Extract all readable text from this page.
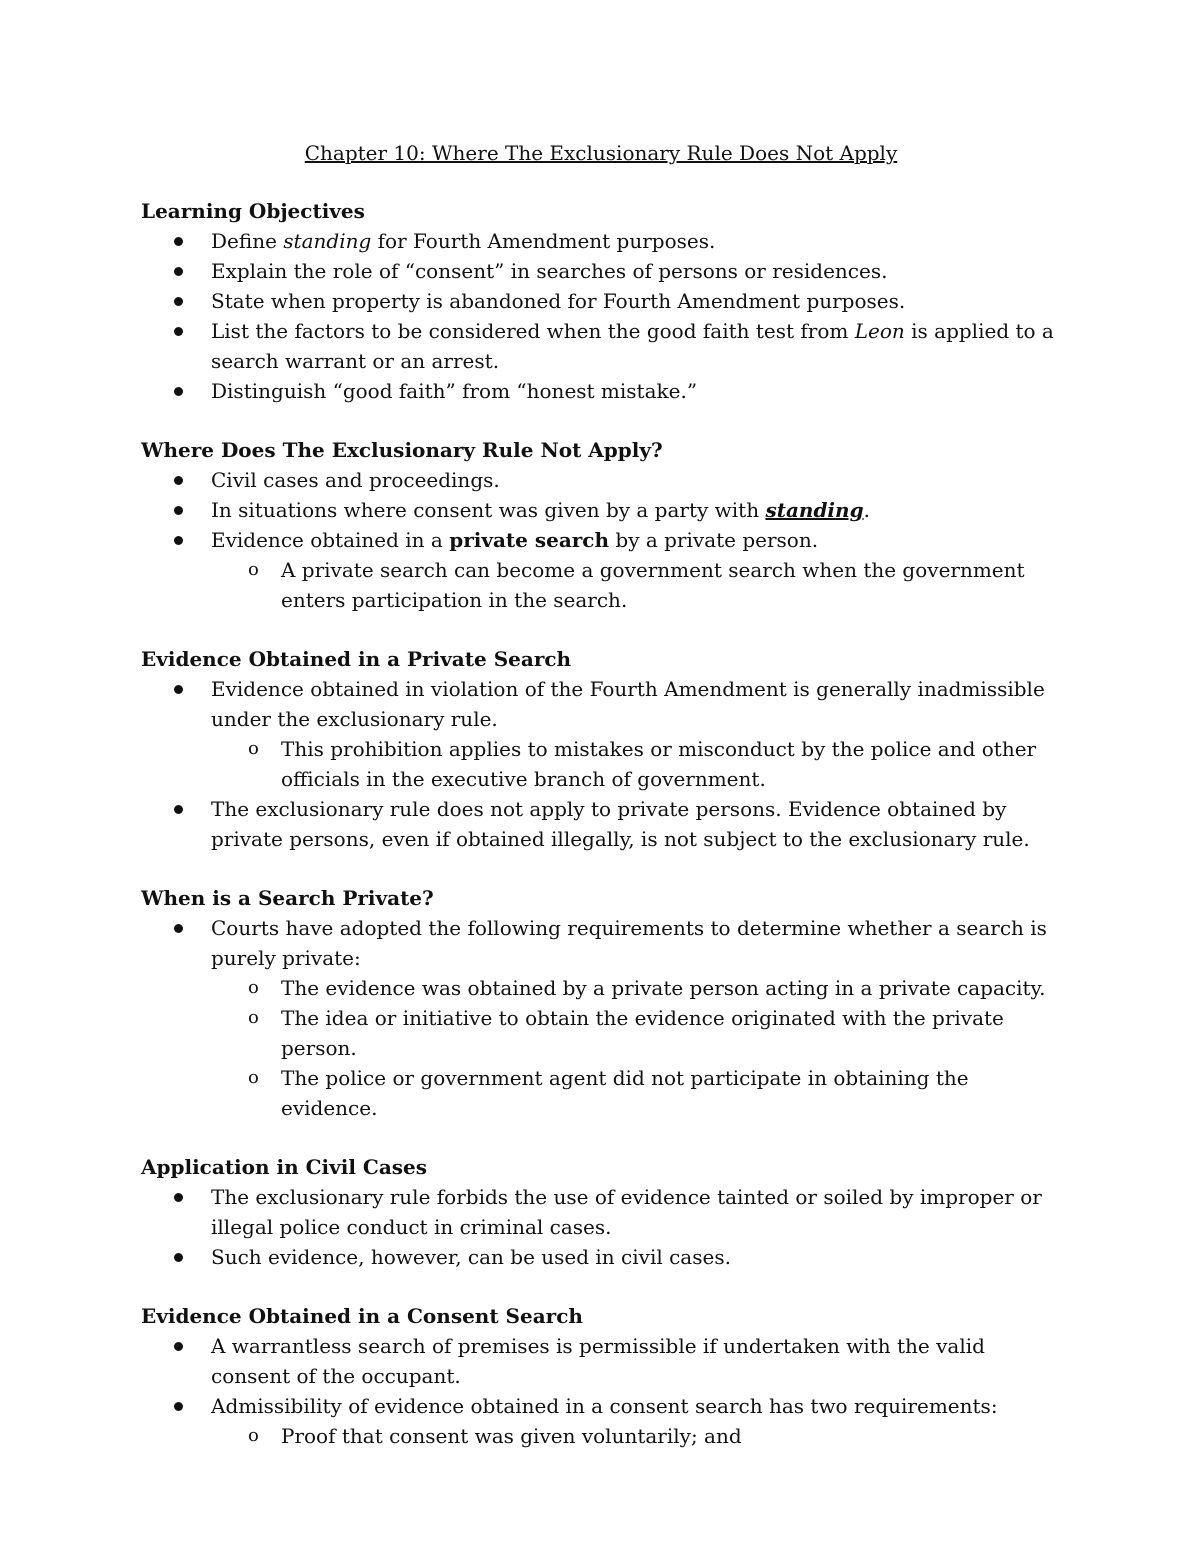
Chapter 10: Where The Exclusionary Rule Does Not Apply
Learning Objectives
Define standing for Fourth Amendment purposes.
Explain the role of “consent” in searches of persons or residences.
State when property is abandoned for Fourth Amendment purposes.
List the factors to be considered when the good faith test from Leon is applied to a search warrant or an arrest.
Distinguish “good faith” from “honest mistake.”
Where Does The Exclusionary Rule Not Apply?
Civil cases and proceedings.
In situations where consent was given by a party with standing.
Evidence obtained in a private search by a private person.
o A private search can become a government search when the government enters participation in the search.
Evidence Obtained in a Private Search
Evidence obtained in violation of the Fourth Amendment is generally inadmissible under the exclusionary rule.
o This prohibition applies to mistakes or misconduct by the police and other officials in the executive branch of government.
The exclusionary rule does not apply to private persons. Evidence obtained by private persons, even if obtained illegally, is not subject to the exclusionary rule.
When is a Search Private?
Courts have adopted the following requirements to determine whether a search is purely private:
o The evidence was obtained by a private person acting in a private capacity.
o The idea or initiative to obtain the evidence originated with the private person.
o The police or government agent did not participate in obtaining the evidence.
Application in Civil Cases
The exclusionary rule forbids the use of evidence tainted or soiled by improper or illegal police conduct in criminal cases.
Such evidence, however, can be used in civil cases.
Evidence Obtained in a Consent Search
A warrantless search of premises is permissible if undertaken with the valid consent of the occupant.
Admissibility of evidence obtained in a consent search has two requirements:
o Proof that consent was given voluntarily; and
